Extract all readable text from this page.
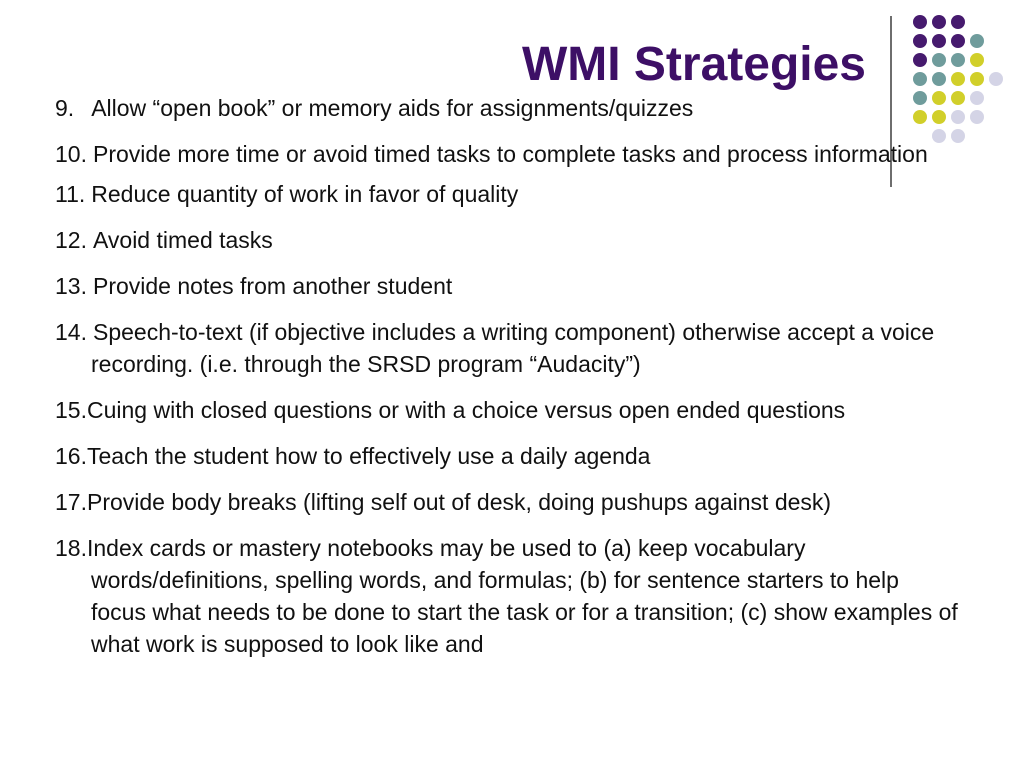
WMI Strategies
9. Allow “open book” or memory aids for assignments/quizzes
10. Provide more time or avoid timed tasks to complete tasks and process information
11. Reduce quantity of work in favor of quality
12. Avoid timed tasks
13. Provide notes from another student
14. Speech-to-text (if objective includes a writing component) otherwise accept a voice recording. (i.e. through the SRSD program “Audacity”)
15.Cuing with closed questions or with a choice versus open ended questions
16.Teach the student how to effectively use a daily agenda
17.Provide body breaks (lifting self out of desk, doing pushups against desk)
18.Index cards or mastery notebooks may be used to (a) keep vocabulary words/definitions, spelling words, and formulas; (b) for sentence starters to help focus what needs to be done to start the task or for a transition; (c) show examples of what work is supposed to look like and
